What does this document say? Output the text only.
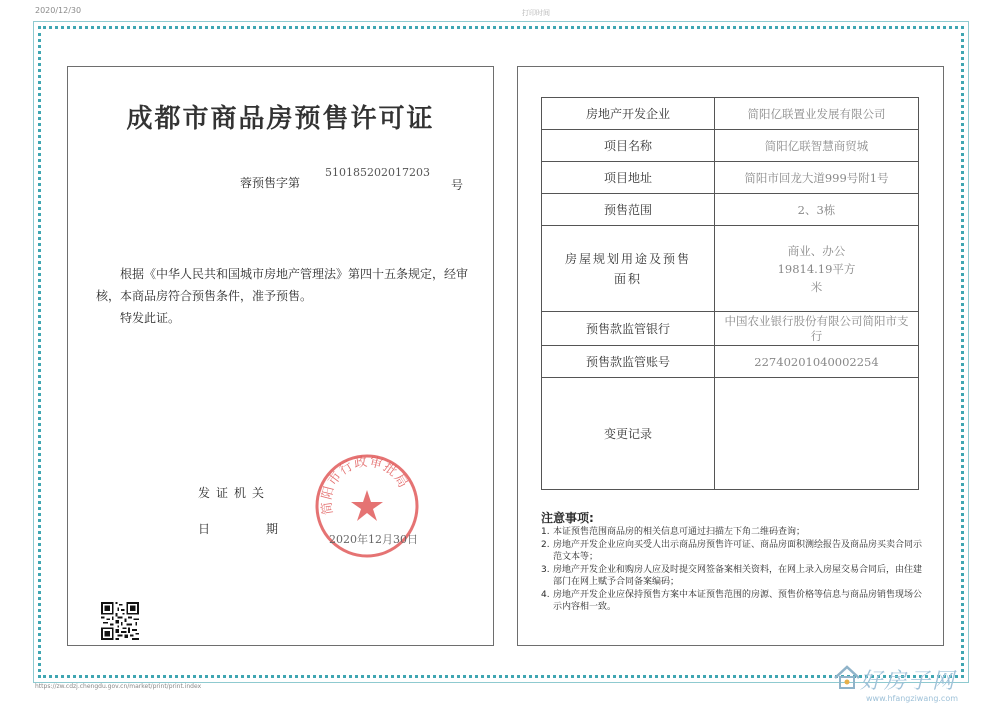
2020/12/30	打印时间
成都市商品房预售许可证
蓉预售字第
510185202017203
号
根据《中华人民共和国城市房地产管理法》第四十五条规定，经审核，本商品房符合预售条件，准予预售。
特发此证。
发证机关
日	期
简阳市行政审批局
2020年12月30日
房地产开发企业	简阳亿联置业发展有限公司
项目名称	简阳亿联智慧商贸城
项目地址	简阳市回龙大道999号附1号
预售范围	2、3栋
房屋规划用途及预售面积	商业、办公 19814.19平方米
预售款监管银行	中国农业银行股份有限公司简阳市支行
预售款监管账号	22740201040002254
变更记录	
注意事项:
1. 本证预售范围商品房的相关信息可通过扫描左下角二维码查询；
2. 房地产开发企业应向买受人出示商品房预售许可证、商品房面积测绘报告及商品房买卖合同示范文本等；
3. 房地产开发企业和购房人应及时提交网签备案相关资料，在网上录入房屋交易合同后，由住建部门在网上赋予合同备案编码；
4. 房地产开发企业应保持预售方案中本证预售范围的房源、预售价格等信息与商品房销售现场公示内容相一致。
https://zw.cdzj.chengdu.gov.cn/market/print/print.index	好房子网
www.hfangziwang.com
